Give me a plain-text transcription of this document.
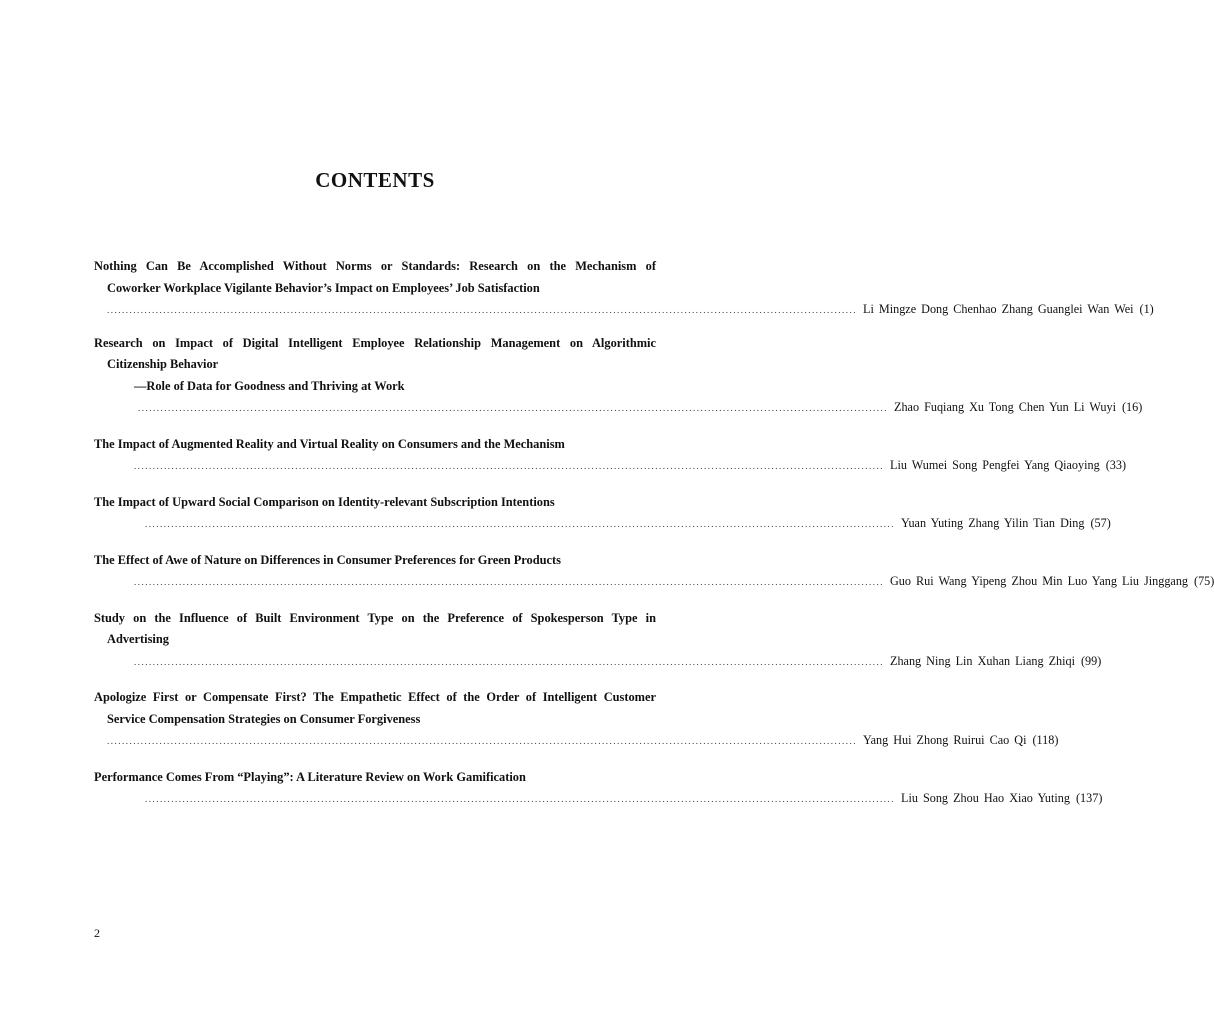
CONTENTS
Nothing Can Be Accomplished Without Norms or Standards: Research on the Mechanism of
Coworker Workplace Vigilante Behavior’s Impact on Employees’ Job Satisfaction
........................................................................................................................................................................................................ Li Mingze Dong Chenhao Zhang Guanglei Wan Wei (1)
Research on Impact of Digital Intelligent Employee Relationship Management on Algorithmic
Citizenship Behavior
—Role of Data for Goodness and Thriving at Work
........................................................................................................................................................................................................ Zhao Fuqiang Xu Tong Chen Yun Li Wuyi (16)
The Impact of Augmented Reality and Virtual Reality on Consumers and the Mechanism
........................................................................................................................................................................................................ Liu Wumei Song Pengfei Yang Qiaoying (33)
The Impact of Upward Social Comparison on Identity-relevant Subscription Intentions
........................................................................................................................................................................................................ Yuan Yuting Zhang Yilin Tian Ding (57)
The Effect of Awe of Nature on Differences in Consumer Preferences for Green Products
........................................................................................................................................................................................................ Guo Rui Wang Yipeng Zhou Min Luo Yang Liu Jinggang (75)
Study on the Influence of Built Environment Type on the Preference of Spokesperson Type in
Advertising
........................................................................................................................................................................................................ Zhang Ning Lin Xuhan Liang Zhiqi (99)
Apologize First or Compensate First? The Empathetic Effect of the Order of Intelligent Customer
Service Compensation Strategies on Consumer Forgiveness
........................................................................................................................................................................................................ Yang Hui Zhong Ruirui Cao Qi (118)
Performance Comes From “Playing”: A Literature Review on Work Gamification
........................................................................................................................................................................................................ Liu Song Zhou Hao Xiao Yuting (137)
2
